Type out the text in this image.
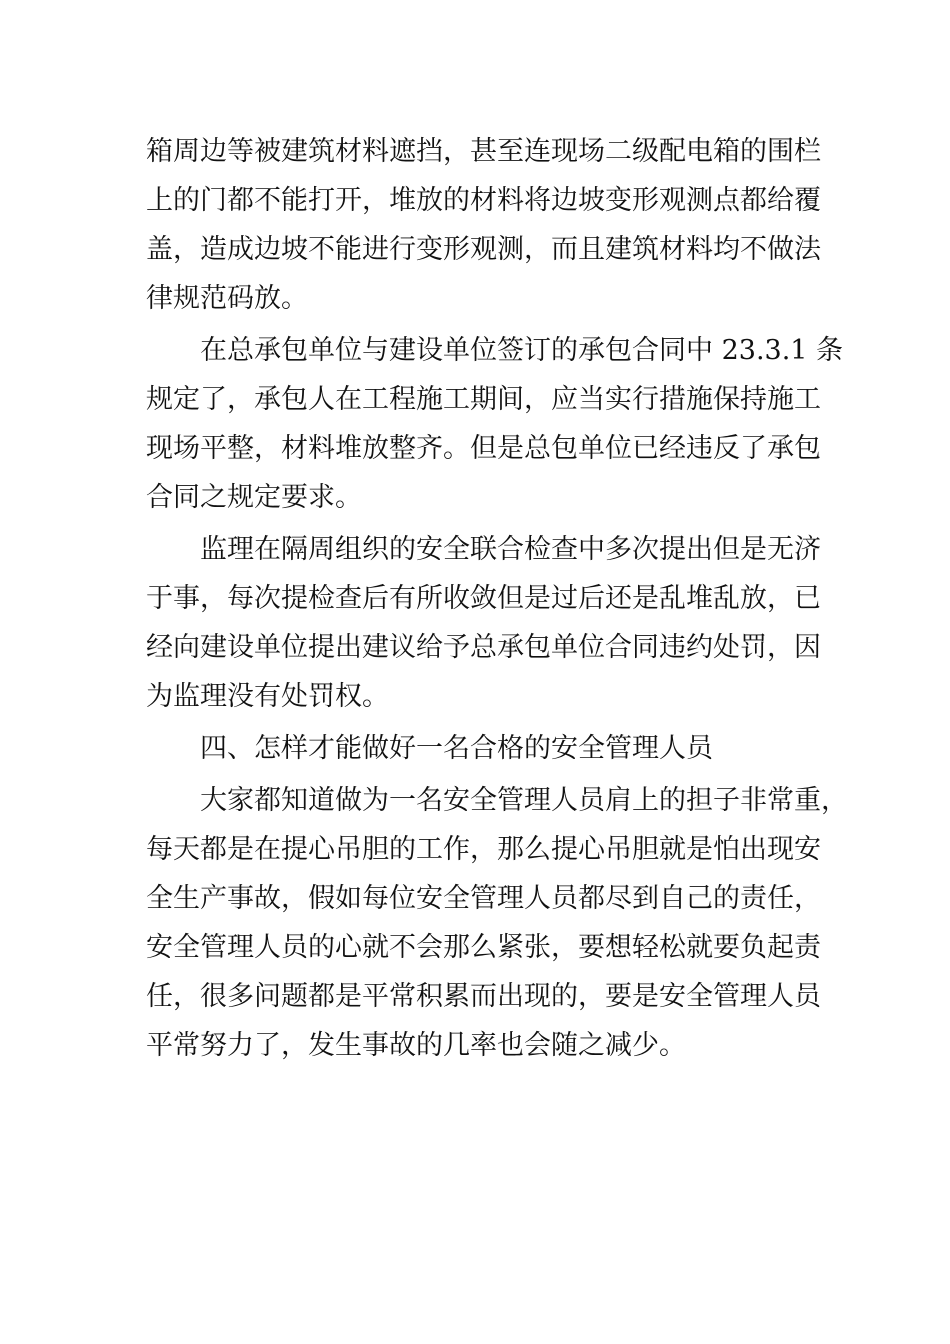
箱周边等被建筑材料遮挡，甚至连现场二级配电箱的围栏
上的门都不能打开，堆放的材料将边坡变形观测点都给覆
盖，造成边坡不能进行变形观测，而且建筑材料均不做法
律规范码放。
　　在总承包单位与建设单位签订的承包合同中 23.3.1 条
规定了，承包人在工程施工期间，应当实行措施保持施工
现场平整，材料堆放整齐。但是总包单位已经违反了承包
合同之规定要求。
　　监理在隔周组织的安全联合检查中多次提出但是无济
于事，每次提检查后有所收敛但是过后还是乱堆乱放，已
经向建设单位提出建议给予总承包单位合同违约处罚，因
为监理没有处罚权。
　　四、怎样才能做好一名合格的安全管理人员
　　大家都知道做为一名安全管理人员肩上的担子非常重，
每天都是在提心吊胆的工作，那么提心吊胆就是怕出现安
全生产事故，假如每位安全管理人员都尽到自己的责任，
安全管理人员的心就不会那么紧张，要想轻松就要负起责
任，很多问题都是平常积累而出现的，要是安全管理人员
平常努力了，发生事故的几率也会随之减少。
